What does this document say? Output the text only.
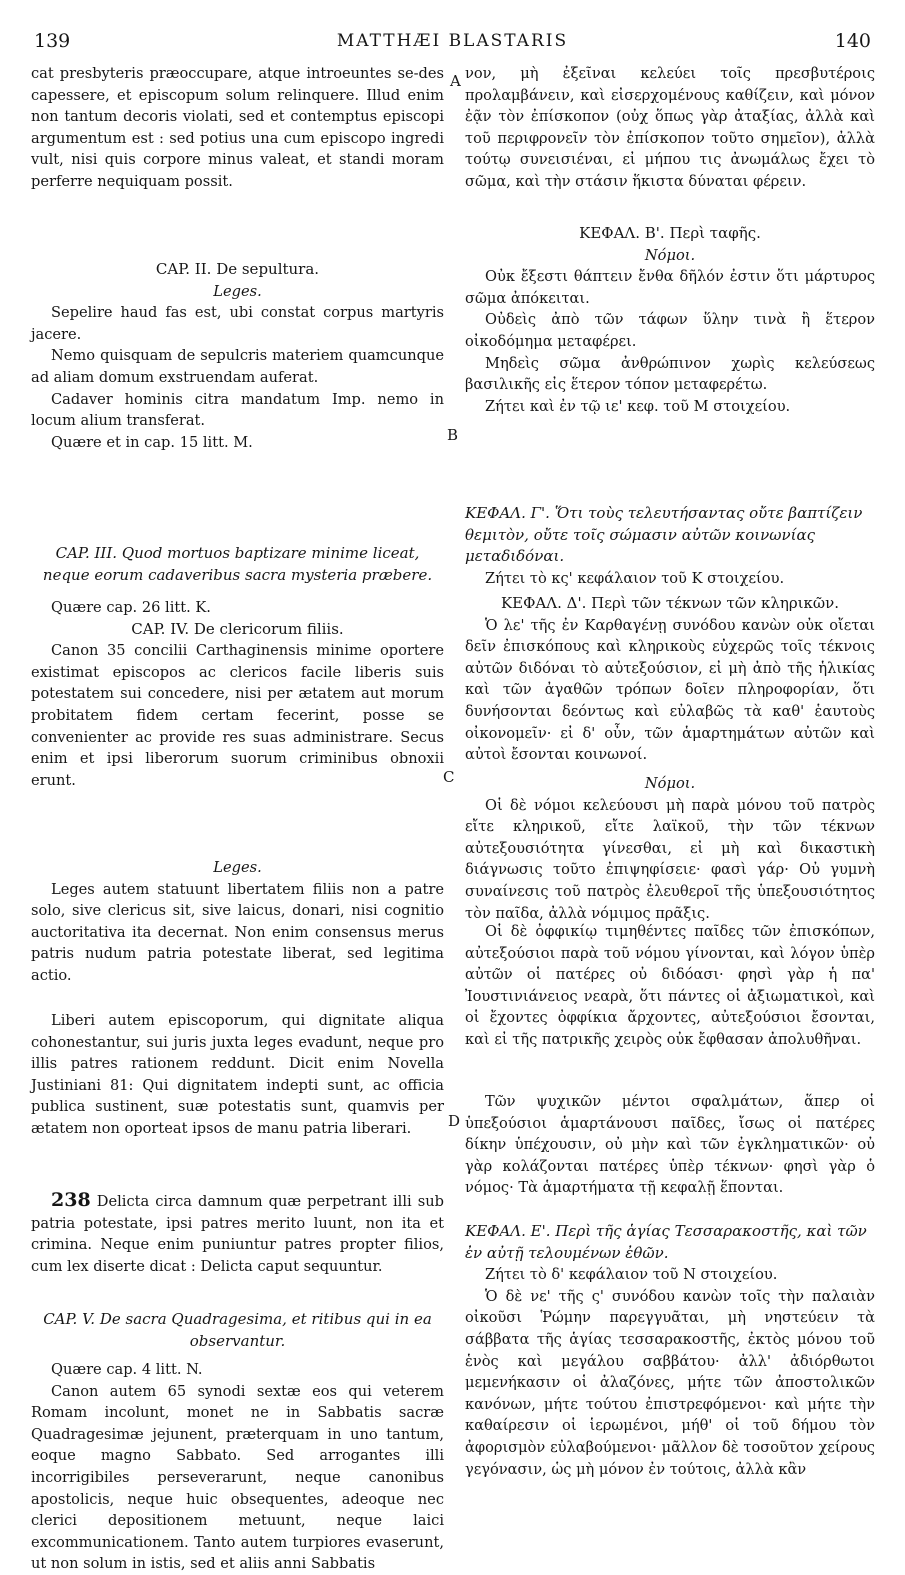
139	MATTHÆI BLASTARIS	140
A
B
C
D

cat presbyteris præoccupare, atque introeuntes se-des capessere, et episcopum solum relinquere. Illud enim non tantum decoris violati, sed et contemptus episcopi argumentum est : sed potius una cum episcopo ingredi vult, nisi quis corpore minus valeat, et standi moram perferre nequiquam possit.

CAP. II. De sepultura.

Leges.

Sepelire haud fas est, ubi constat corpus martyris jacere.

Nemo quisquam de sepulcris materiem quamcunque ad aliam domum exstruendam auferat.

Cadaver hominis citra mandatum Imp. nemo in locum alium transferat.

Quære et in cap. 15 litt. M.

CAP. III. Quod mortuos baptizare minime liceat, neque eorum cadaveribus sacra mysteria præbere.

Quære cap. 26 litt. K.

CAP. IV. De clericorum filiis.

Canon 35 concilii Carthaginensis minime oportere existimat episcopos ac clericos facile liberis suis potestatem sui concedere, nisi per ætatem aut morum probitatem fidem certam fecerint, posse se convenienter ac provide res suas administrare. Secus enim et ipsi liberorum suorum criminibus obnoxii erunt.

Leges.

Leges autem statuunt libertatem filiis non a patre solo, sive clericus sit, sive laicus, donari, nisi cognitio auctoritativa ita decernat. Non enim consensus merus patris nudum patria potestate liberat, sed legitima actio.

Liberi autem episcoporum, qui dignitate aliqua cohonestantur, sui juris juxta leges evadunt, neque pro illis patres rationem reddunt. Dicit enim Novella Justiniani 81: Qui dignitatem indepti sunt, ac officia publica sustinent, suæ potestatis sunt, quamvis per ætatem non oporteat ipsos de manu patria liberari.

238 Delicta circa damnum quæ perpetrant illi sub patria potestate, ipsi patres merito luunt, non ita et crimina. Neque enim puniuntur patres propter filios, cum lex diserte dicat : Delicta caput sequuntur.

CAP. V. De sacra Quadragesima, et ritibus qui in ea observantur.

Quære cap. 4 litt. N.

Canon autem 65 synodi sextæ eos qui veterem Romam incolunt, monet ne in Sabbatis sacræ Quadragesimæ jejunent, præterquam in uno tantum, eoque magno Sabbato. Sed arrogantes illi incorrigibiles perseverarunt, neque canonibus apostolicis, neque huic obsequentes, adeoque nec clerici depositionem metuunt, neque laici excommunicationem. Tanto autem turpiores evaserunt, ut non solum in istis, sed et aliis anni Sabbatis

νον, μὴ ἐξεῖναι κελεύει τοῖς πρεσβυτέροις προλαμβάνειν, καὶ εἰσερχομένους καθίζειν, καὶ μόνον ἐᾷν τὸν ἐπίσκοπον (οὐχ ὅπως γὰρ ἀταξίας, ἀλλὰ καὶ τοῦ περιφρονεῖν τὸν ἐπίσκοπον τοῦτο σημεῖον), ἀλλὰ τούτῳ συνεισιέναι, εἰ μήπου τις ἀνωμάλως ἔχει τὸ σῶμα, καὶ τὴν στάσιν ἥκιστα δύναται φέρειν.

ΚΕΦΑΛ. Β'. Περὶ ταφῆς.

Νόμοι.

Οὐκ ἔξεστι θάπτειν ἔνθα δῆλόν ἐστιν ὅτι μάρτυρος σῶμα ἀπόκειται.

Οὐδεὶς ἀπὸ τῶν τάφων ὕλην τινὰ ἢ ἕτερον οἰκοδόμημα μεταφέρει.

Μηδεὶς σῶμα ἀνθρώπινον χωρὶς κελεύσεως βασιλικῆς εἰς ἕτερον τόπον μεταφερέτω.

Ζήτει καὶ ἐν τῷ ιε' κεφ. τοῦ Μ στοιχείου.

ΚΕΦΑΛ. Γ'. Ὅτι τοὺς τελευτήσαντας οὔτε βαπτίζειν θεμιτὸν, οὔτε τοῖς σώμασιν αὐτῶν κοινωνίας μεταδιδόναι.

Ζήτει τὸ κς' κεφάλαιον τοῦ Κ στοιχείου.

ΚΕΦΑΛ. Δ'. Περὶ τῶν τέκνων τῶν κληρικῶν.

Ὁ λε' τῆς ἐν Καρθαγένῃ συνόδου κανὼν οὐκ οἴεται δεῖν ἐπισκόπους καὶ κληρικοὺς εὐχερῶς τοῖς τέκνοις αὐτῶν διδόναι τὸ αὐτεξούσιον, εἰ μὴ ἀπὸ τῆς ἡλικίας καὶ τῶν ἀγαθῶν τρόπων δοῖεν πληροφορίαν, ὅτι δυνήσονται δεόντως καὶ εὐλαβῶς τὰ καθ' ἑαυτοὺς οἰκονομεῖν· εἰ δ' οὖν, τῶν ἁμαρτημάτων αὐτῶν καὶ αὐτοὶ ἔσονται κοινωνοί.

Νόμοι.

Οἱ δὲ νόμοι κελεύουσι μὴ παρὰ μόνου τοῦ πατρὸς εἴτε κληρικοῦ, εἴτε λαϊκοῦ, τὴν τῶν τέκνων αὐτεξουσιότητα γίνεσθαι, εἰ μὴ καὶ δικαστικὴ διάγνωσις τοῦτο ἐπιψηφίσειε· φασὶ γάρ· Οὐ γυμνὴ συναίνεσις τοῦ πατρὸς ἐλευθεροῖ τῆς ὑπεξουσιότητος τὸν παῖδα, ἀλλὰ νόμιμος πρᾶξις.

Οἱ δὲ ὀφφικίῳ τιμηθέντες παῖδες τῶν ἐπισκόπων, αὐτεξούσιοι παρὰ τοῦ νόμου γίνονται, καὶ λόγον ὑπὲρ αὐτῶν οἱ πατέρες οὐ διδόασι· φησὶ γὰρ ἡ πα' Ἰουστινιάνειος νεαρὰ, ὅτι πάντες οἱ ἀξιωματικοὶ, καὶ οἱ ἔχοντες ὀφφίκια ἄρχοντες, αὐτεξούσιοι ἔσονται, καὶ εἰ τῆς πατρικῆς χειρὸς οὐκ ἔφθασαν ἀπολυθῆναι.

Τῶν ψυχικῶν μέντοι σφαλμάτων, ἅπερ οἱ ὑπεξούσιοι ἁμαρτάνουσι παῖδες, ἴσως οἱ πατέρες δίκην ὑπέχουσιν, οὐ μὴν καὶ τῶν ἐγκληματικῶν· οὐ γὰρ κολάζονται πατέρες ὑπὲρ τέκνων· φησὶ γὰρ ὁ νόμος· Τὰ ἁμαρτήματα τῇ κεφαλῇ ἕπονται.

ΚΕΦΑΛ. Ε'. Περὶ τῆς ἁγίας Τεσσαρακοστῆς, καὶ τῶν ἐν αὐτῇ τελουμένων ἐθῶν.

Ζήτει τὸ δ' κεφάλαιον τοῦ Ν στοιχείου.

Ὁ δὲ νε' τῆς ς' συνόδου κανὼν τοῖς τὴν παλαιὰν οἰκοῦσι Ῥώμην παρεγγυᾶται, μὴ νηστεύειν τὰ σάββατα τῆς ἁγίας τεσσαρακοστῆς, ἐκτὸς μόνου τοῦ ἑνὸς καὶ μεγάλου σαββάτου· ἀλλ' ἀδιόρθωτοι μεμενήκασιν οἱ ἀλαζόνες, μήτε τῶν ἀποστολικῶν κανόνων, μήτε τούτου ἐπιστρεφόμενοι· καὶ μήτε τὴν καθαίρεσιν οἱ ἱερωμένοι, μήθ' οἱ τοῦ δήμου τὸν ἀφορισμὸν εὐλαβούμενοι· μᾶλλον δὲ τοσοῦτον χείρους γεγόνασιν, ὡς μὴ μόνον ἐν τούτοις, ἀλλὰ κἂν
